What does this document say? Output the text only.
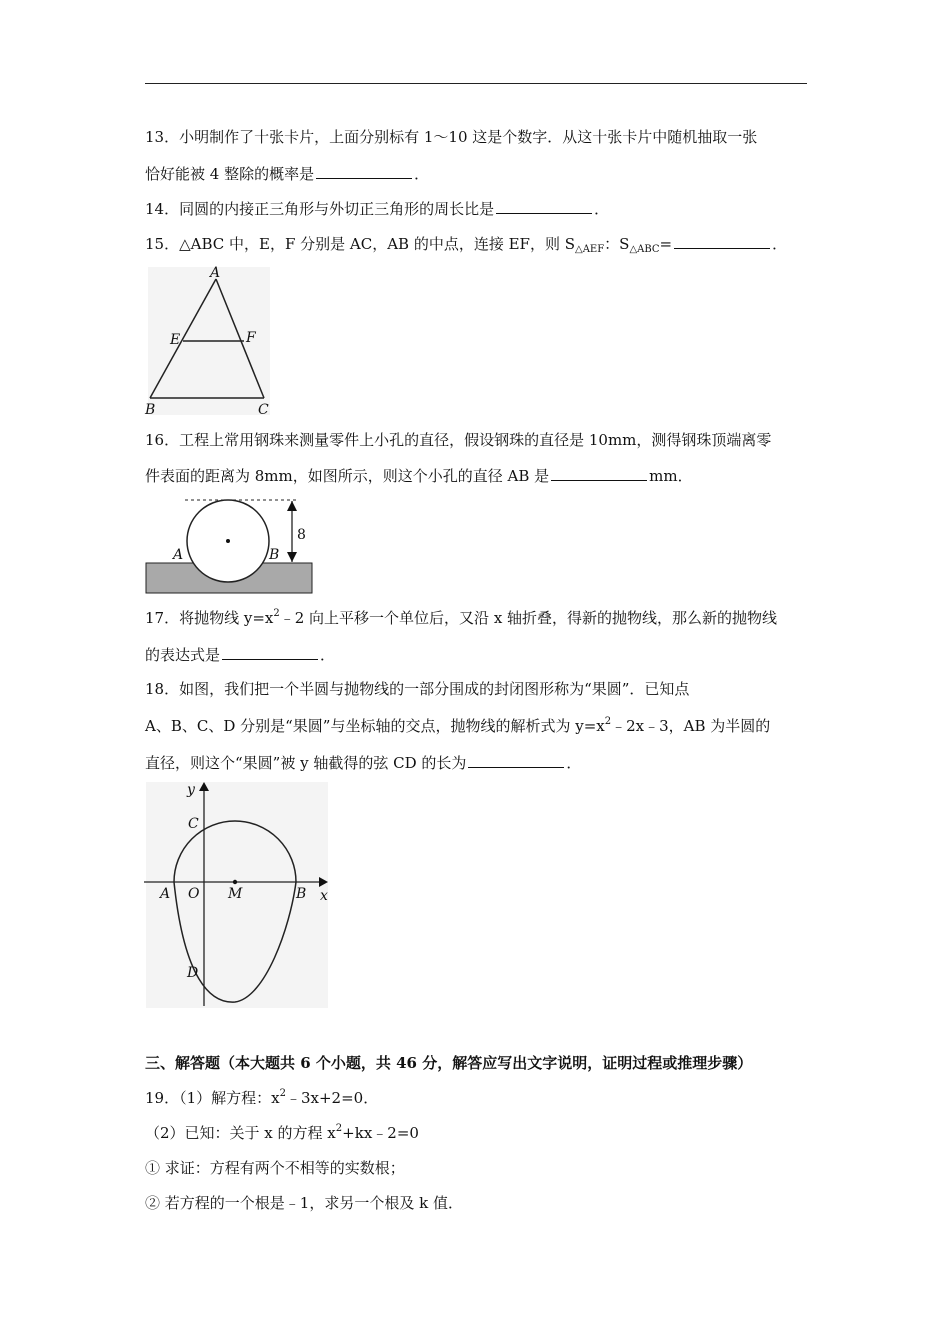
13．小明制作了十张卡片，上面分别标有 1～10 这是个数字．从这十张卡片中随机抽取一张
恰好能被 4 整除的概率是	．
14．同圆的内接正三角形与外切正三角形的周长比是	．
15．△ABC 中，E，F 分别是 AC，AB 的中点，连接 EF，则 $S_{\triangle AEF}$：$S_{\triangle ABC}=$	．
A
E	F
B	C
16．工程上常用钢珠来测量零件上小孔的直径，假设钢珠的直径是 10mm，测得钢珠顶端离零
件表面的距离为 8mm，如图所示，则这个小孔的直径 AB 是	mm．
8
A	B
17．将抛物线 $y=x^2﹣2$ 向上平移一个单位后，又沿 x 轴折叠，得新的抛物线，那么新的抛物线
的表达式是	．
18．如图，我们把一个半圆与抛物线的一部分围成的封闭图形称为“果圆”．已知点
A、B、C、D 分别是“果圆”与坐标轴的交点，抛物线的解析式为 $y=x^2﹣2x﹣3$，AB 为半圆的
直径，则这个“果圆”被 y 轴截得的弦 CD 的长为	．
y
x
C
A O M	B
D
三、解答题（本大题共 6 个小题，共 46 分，解答应写出文字说明，证明过程或推理步骤）
19．（1）解方程：$x^2﹣3x+2=0$．
（2）已知：关于 x 的方程 $x^2+kx﹣2=0$
① 求证：方程有两个不相等的实数根；
② 若方程的一个根是﹣1，求另一个根及 k 值．
